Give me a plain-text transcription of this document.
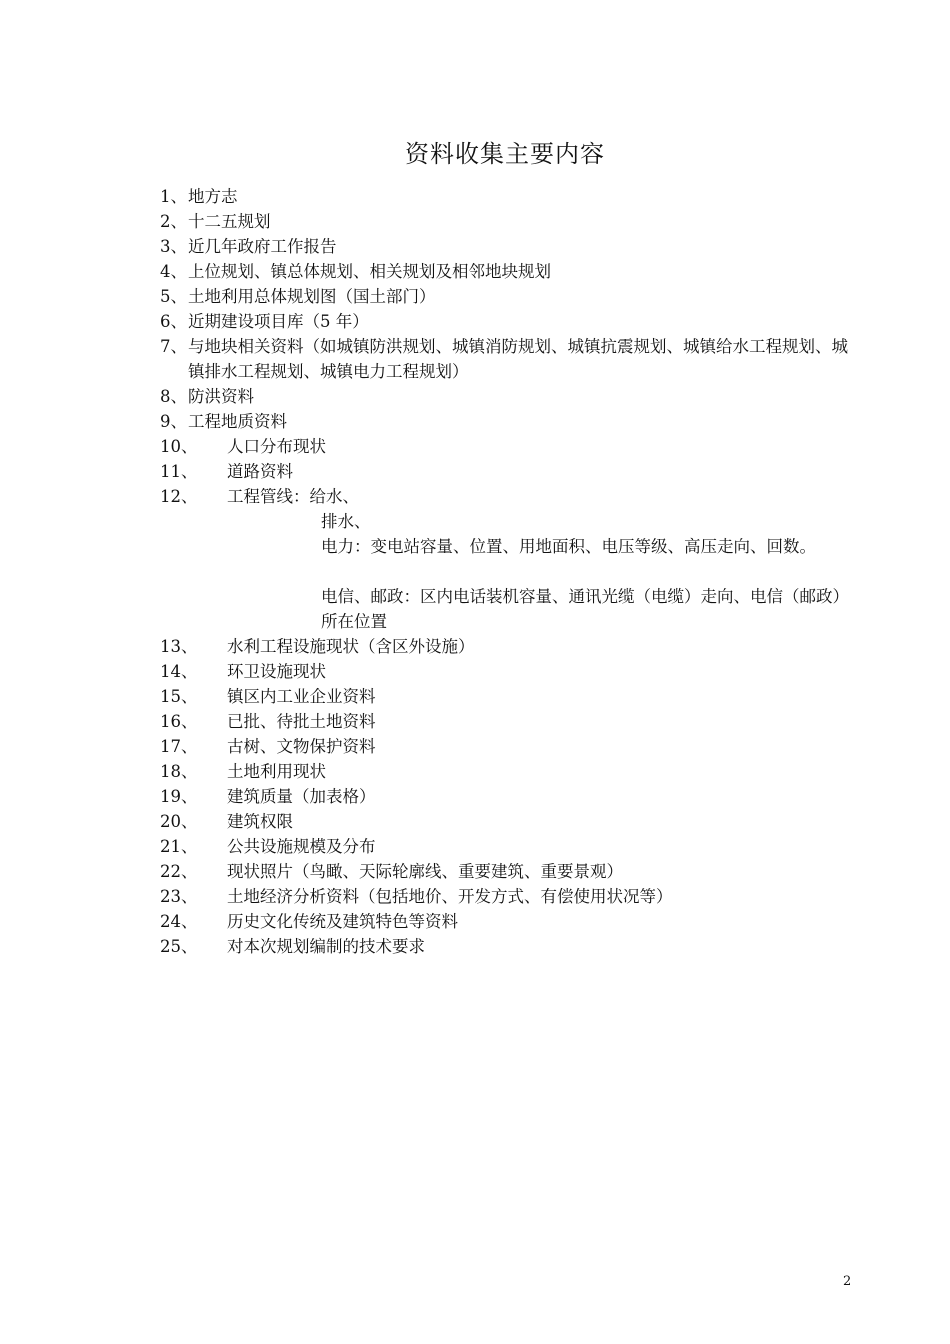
资料收集主要内容
1、 地方志
2、 十二五规划
3、 近几年政府工作报告
4、 上位规划、镇总体规划、相关规划及相邻地块规划
5、 土地利用总体规划图（国土部门）
6、 近期建设项目库（5 年）
7、 与地块相关资料（如城镇防洪规划、城镇消防规划、城镇抗震规划、城镇给水工程规划、城镇排水工程规划、城镇电力工程规划）
8、 防洪资料
9、 工程地质资料
10、 人口分布现状
11、 道路资料
12、 工程管线：给水、
排水、
电力：变电站容量、位置、用地面积、电压等级、高压走向、回数。
电信、邮政：区内电话装机容量、通讯光缆（电缆）走向、电信（邮政）所在位置
13、 水利工程设施现状（含区外设施）
14、 环卫设施现状
15、 镇区内工业企业资料
16、 已批、待批土地资料
17、 古树、文物保护资料
18、 土地利用现状
19、 建筑质量（加表格）
20、 建筑权限
21、 公共设施规模及分布
22、 现状照片（鸟瞰、天际轮廓线、重要建筑、重要景观）
23、 土地经济分析资料（包括地价、开发方式、有偿使用状况等）
24、 历史文化传统及建筑特色等资料
25、 对本次规划编制的技术要求
2
